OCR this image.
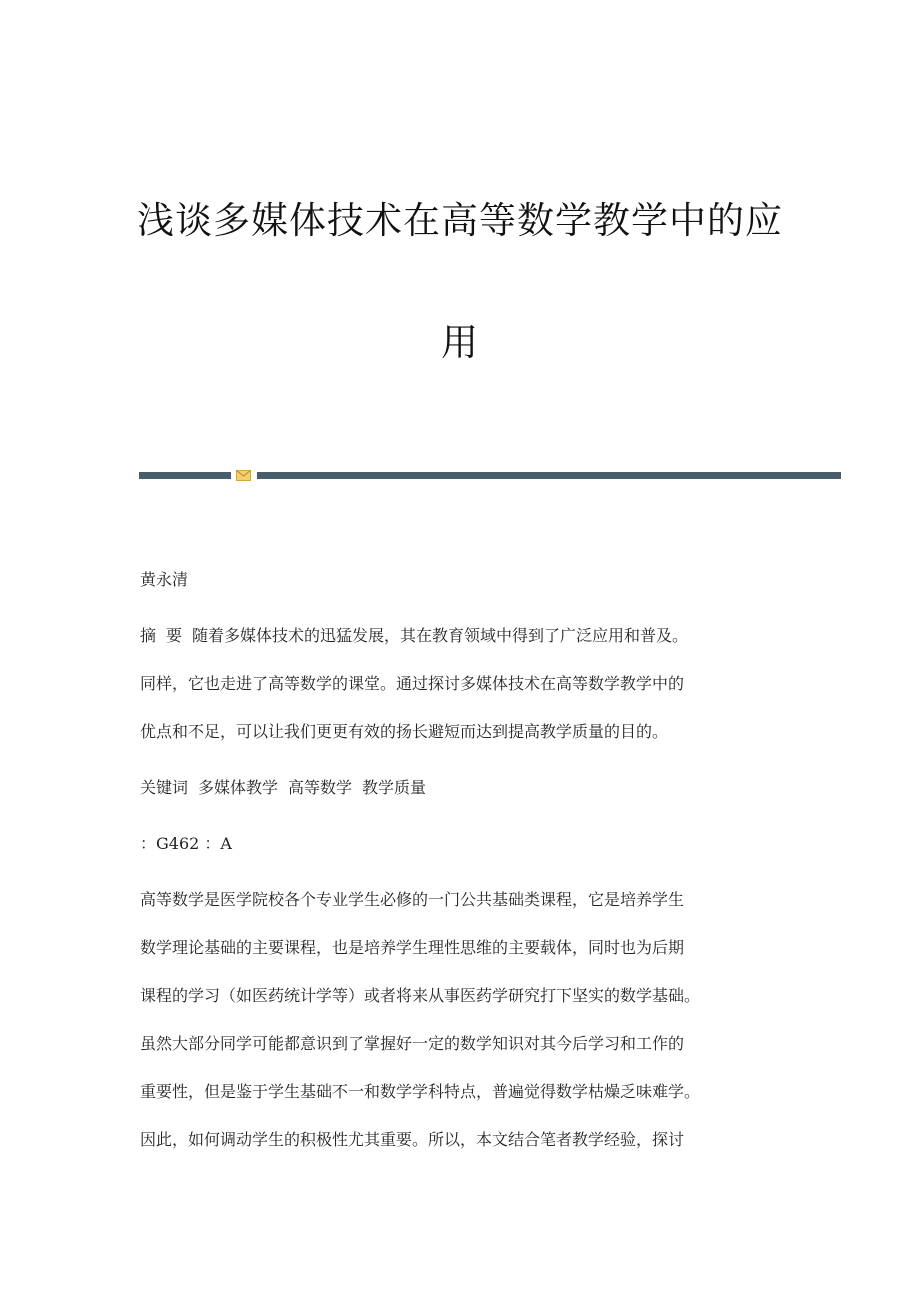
浅谈多媒体技术在高等数学教学中的应
用
黄永清
摘 要 随着多媒体技术的迅猛发展，其在教育领域中得到了广泛应用和普及。
同样，它也走进了高等数学的课堂。通过探讨多媒体技术在高等数学教学中的
优点和不足，可以让我们更更有效的扬长避短而达到提高教学质量的目的。
关键词 多媒体教学 高等数学 教学质量
：G462 ：A
高等数学是医学院校各个专业学生必修的一门公共基础类课程，它是培养学生
数学理论基础的主要课程，也是培养学生理性思维的主要载体，同时也为后期
课程的学习（如医药统计学等）或者将来从事医药学研究打下坚实的数学基础。
虽然大部分同学可能都意识到了掌握好一定的数学知识对其今后学习和工作的
重要性，但是鉴于学生基础不一和数学学科特点，普遍觉得数学枯燥乏味难学。
因此，如何调动学生的积极性尤其重要。所以，本文结合笔者教学经验，探讨
